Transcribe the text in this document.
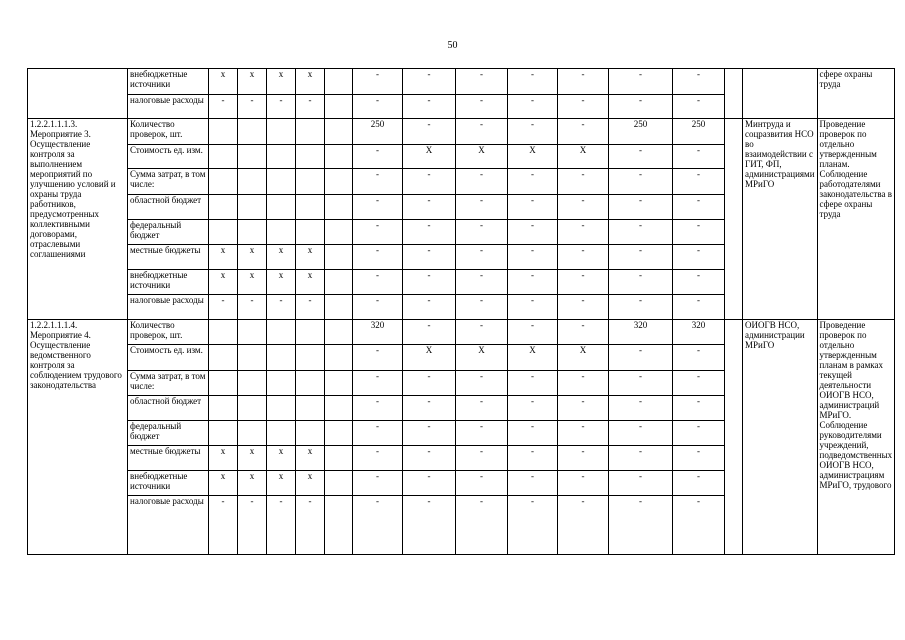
50
	внебюджетные источники	х	х	х	х		-	-	-	-	-	-	-			сфере охраны труда
	налоговые расходы	-	-	-	-		-	-	-	-	-	-	-			
1.2.2.1.1.1.3. Мероприятие 3. Осуществление контроля за выполнением мероприятий по улучшению условий и охраны труда работников, предусмотренных коллективными договорами, отраслевыми соглашениями	Количество проверок, шт.						250	-	-	-	-	250	250		Минтруда и соцразвития НСО во взаимодействии с ГИТ, ФП, администрациями МРиГО	Проведение проверок по отдельно утвержденным планам. Соблюдение работодателями законодательства в сфере охраны труда
	Стоимость ед. изм.						-	X	X	X	X	-	-			
	Сумма затрат, в том числе:						-	-	-	-	-	-	-			
	областной бюджет						-	-	-	-	-	-	-			
	федеральный бюджет						-	-	-	-	-	-	-			
	местные бюджеты	х	х	х	х		-	-	-	-	-	-	-			
	внебюджетные источники	х	х	х	х		-	-	-	-	-	-	-			
	налоговые расходы	-	-	-	-		-	-	-	-	-	-	-			
1.2.2.1.1.1.4. Мероприятие 4. Осуществление ведомственного контроля за соблюдением трудового законодательства	Количество проверок, шт.						320	-	-	-	-	320	320		ОИОГВ НСО, администрации МРиГО	Проведение проверок по отдельно утвержденным планам в рамках текущей деятельности ОИОГВ НСО, администраций МРиГО. Соблюдение руководителями учреждений, подведомственных ОИОГВ НСО, администрациям МРиГО, трудового
	Стоимость ед. изм.						-	X	X	X	X	-	-			
	Сумма затрат, в том числе:						-	-	-	-	-	-	-			
	областной бюджет						-	-	-	-	-	-	-			
	федеральный бюджет						-	-	-	-	-	-	-			
	местные бюджеты	х	х	х	х		-	-	-	-	-	-	-			
	внебюджетные источники	х	х	х	х		-	-	-	-	-	-	-			
	налоговые расходы	-	-	-	-		-	-	-	-	-	-	-			
